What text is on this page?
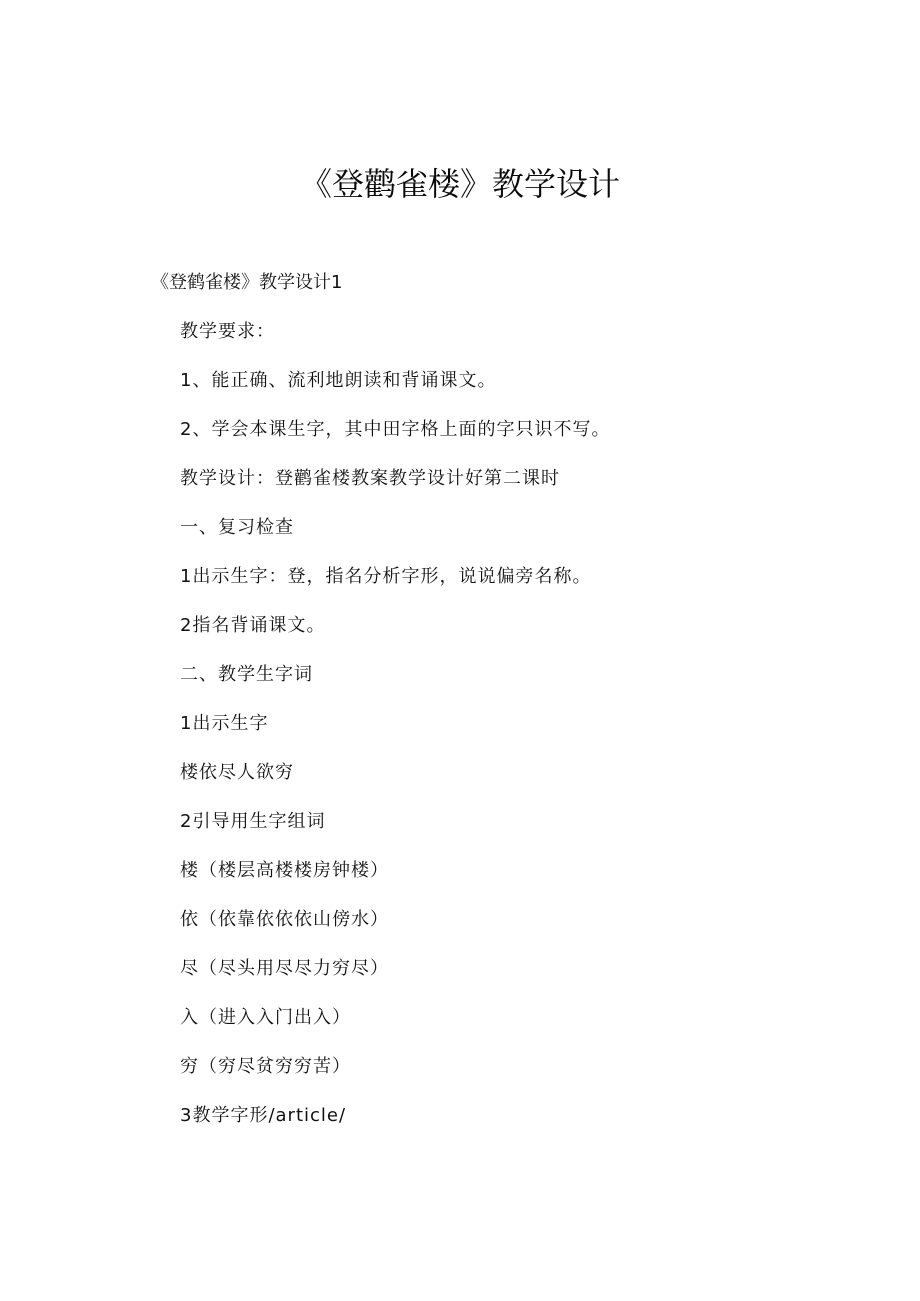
《登鹳雀楼》教学设计
《登鹤雀楼》教学设计1
教学要求：
1、能正确、流利地朗读和背诵课文。
2、学会本课生字，其中田字格上面的字只识不写。
教学设计：登鹳雀楼教案教学设计好第二课时
一、复习检查
1出示生字：登，指名分析字形，说说偏旁名称。
2指名背诵课文。
二、教学生字词
1出示生字
楼依尽人欲穷
2引导用生字组词
楼（楼层高楼楼房钟楼）
依（依靠依依依山傍水）
尽（尽头用尽尽力穷尽）
入（进入入门出入）
穷（穷尽贫穷穷苦）
3教学字形/article/
